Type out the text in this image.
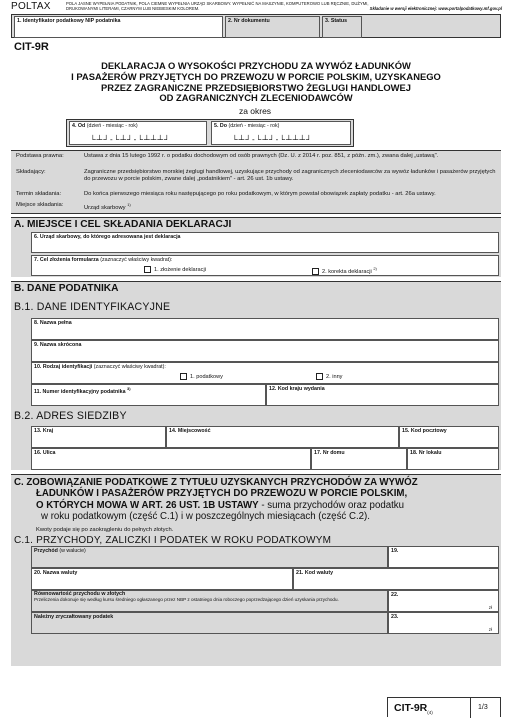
POLTAX	POLA JASNE WYPEŁNIA PODATNIK, POLA CIEMNE WYPEŁNIA URZĄD SKARBOWY. WYPEŁNIĆ NA MASZYNIE, KOMPUTEROWO LUB RĘCZNIE, DUŻYMI,
DRUKOWANYMI LITERAMI, CZARNYM LUB NIEBIESKIM KOLOREM.	Składanie w wersji elektronicznej: www.portalpodatkowy.mf.gov.pl
1. Identyfikator podatkowy NIP podatnika	2. Nr dokumentu	3. Status
CIT-9R
DEKLARACJA O WYSOKOŚCI PRZYCHODU ZA WYWÓZ ŁADUNKÓW
I PASAŻERÓW PRZYJĘTYCH DO PRZEWOZU W PORCIE POLSKIM, UZYSKANEGO
PRZEZ ZAGRANICZNE PRZEDSIĘBIORSTWO ŻEGLUGI HANDLOWEJ
OD ZAGRANICZNYCH ZLECENIODAWCÓW
za okres
4. Od (dzień - miesiąc - rok)
└┴┘-└┴┘-└┴┴┴┘
5. Do (dzień - miesiąc - rok)
└┴┘-└┴┘-└┴┴┴┘
Podstawa prawna:	Ustawa z dnia 15 lutego 1992 r. o podatku dochodowym od osób prawnych (Dz. U. z 2014 r. poz. 851, z późn. zm.), zwana dalej „ustawą".
Składający:	Zagraniczne przedsiębiorstwo morskiej żeglugi handlowej, uzyskujące przychody od zagranicznych zleceniodawców za wywóz ładunków i pasażerów przyjętych do przewozu w porcie polskim, zwane dalej „podatnikiem" - art. 26 ust. 1b ustawy.
Termin składania:	Do końca pierwszego miesiąca roku następującego po roku podatkowym, w którym powstał obowiązek zapłaty podatku - art. 26a ustawy.
Miejsce składania:	Urząd skarbowy $^{1)}$
A. MIEJSCE I CEL SKŁADANIA DEKLARACJI
6. Urząd skarbowy, do którego adresowana jest deklaracja
7. Cel złożenia formularza (zaznaczyć właściwy kwadrat):
1. złożenie deklaracji	2. korekta deklaracji $^{2)}$
B. DANE PODATNIKA
B.1. DANE IDENTYFIKACYJNE
8. Nazwa pełna
9. Nazwa skrócona
10. Rodzaj identyfikacji (zaznaczyć właściwy kwadrat):
1. podatkowy	2. inny
11. Numer identyfikacyjny podatnika $^{3)}$	12. Kod kraju wydania
B.2. ADRES SIEDZIBY
13. Kraj	14. Miejscowość	15. Kod pocztowy
16. Ulica	17. Nr domu	18. Nr lokalu
C. ZOBOWIĄZANIE PODATKOWE Z TYTUŁU UZYSKANYCH PRZYCHODÓW ZA WYWÓZ
ŁADUNKÓW I PASAŻERÓW PRZYJĘTYCH DO PRZEWOZU W PORCIE POLSKIM,
O KTÓRYCH MOWA W ART. 26 UST. 1B USTAWY - suma przychodów oraz podatku
w roku podatkowym (część C.1) i w poszczególnych miesiącach (część C.2).
Kwoty podaje się po zaokrągleniu do pełnych złotych.
C.1. PRZYCHODY, ZALICZKI I PODATEK W ROKU PODATKOWYM
Przychód (w walucie)	19.
20. Nazwa waluty	21. Kod waluty
Równowartość przychodu w złotych
Przeliczenia dokonuje się według kursu średniego ogłaszanego przez NBP z ostatniego dnia roboczego poprzedzającego dzień uzyskania przychodu.
22.
zł
Należny zryczałtowany podatek	23.
zł
CIT-$9R_{(4)}$
1/3
